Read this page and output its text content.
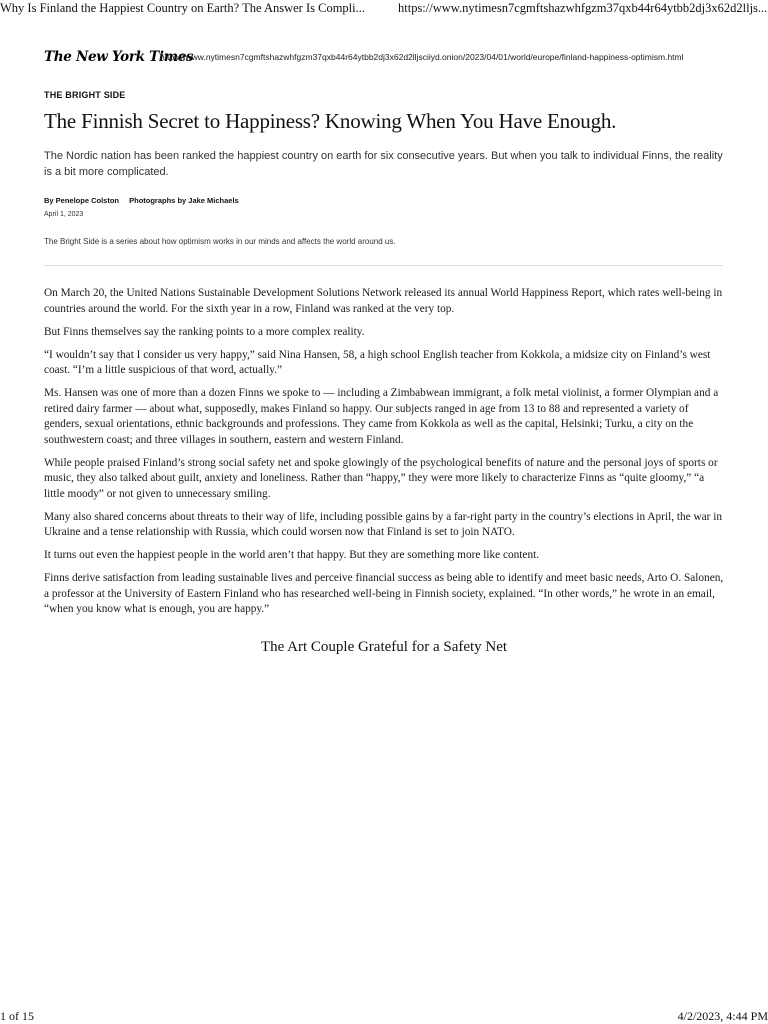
Why Is Finland the Happiest Country on Earth? The Answer Is Compli...	https://www.nytimesn7cgmftshazwhfgzm37qxb44r64ytbb2dj3x62d2lljs...
The New York Times
https://www.nytimesn7cgmftshazwhfgzm37qxb44r64ytbb2dj3x62d2lljsciiyd.onion/2023/04/01/world/europe/finland-happiness-optimism.html
THE BRIGHT SIDE
The Finnish Secret to Happiness? Knowing When You Have Enough.

The Nordic nation has been ranked the happiest country on earth for six consecutive years. But when you talk to individual Finns, the reality is a bit more complicated.

By Penelope Colston Photographs by Jake Michaels
April 1, 2023
The Bright Side is a series about how optimism works in our minds and affects the world around us.

On March 20, the United Nations Sustainable Development Solutions Network released its annual World Happiness Report, which rates well-being in countries around the world. For the sixth year in a row, Finland was ranked at the very top.

But Finns themselves say the ranking points to a more complex reality.

“I wouldn’t say that I consider us very happy,” said Nina Hansen, 58, a high school English teacher from Kokkola, a midsize city on Finland’s west coast. “I’m a little suspicious of that word, actually.”

Ms. Hansen was one of more than a dozen Finns we spoke to — including a Zimbabwean immigrant, a folk metal violinist, a former Olympian and a retired dairy farmer — about what, supposedly, makes Finland so happy. Our subjects ranged in age from 13 to 88 and represented a variety of genders, sexual orientations, ethnic backgrounds and professions. They came from Kokkola as well as the capital, Helsinki; Turku, a city on the southwestern coast; and three villages in southern, eastern and western Finland.

While people praised Finland’s strong social safety net and spoke glowingly of the psychological benefits of nature and the personal joys of sports or music, they also talked about guilt, anxiety and loneliness. Rather than “happy,” they were more likely to characterize Finns as “quite gloomy,” “a little moody” or not given to unnecessary smiling.

Many also shared concerns about threats to their way of life, including possible gains by a far-right party in the country’s elections in April, the war in Ukraine and a tense relationship with Russia, which could worsen now that Finland is set to join NATO.

It turns out even the happiest people in the world aren’t that happy. But they are something more like content.

Finns derive satisfaction from leading sustainable lives and perceive financial success as being able to identify and meet basic needs, Arto O. Salonen, a professor at the University of Eastern Finland who has researched well-being in Finnish society, explained. “In other words,” he wrote in an email, “when you know what is enough, you are happy.”

The Art Couple Grateful for a Safety Net
1 of 15	4/2/2023, 4:44 PM
